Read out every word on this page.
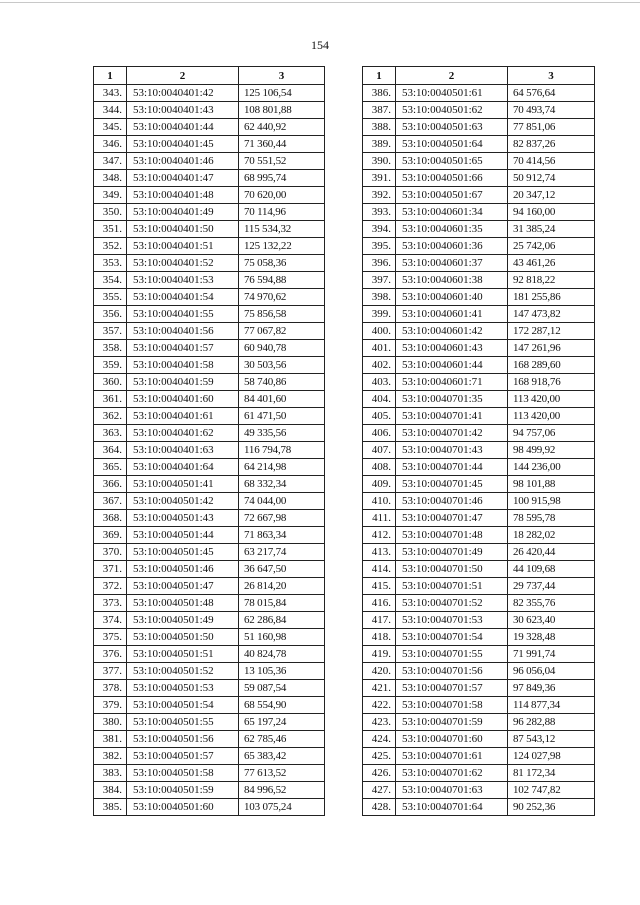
154
1	2	3
343.	53:10:0040401:42	125 106,54
344.	53:10:0040401:43	108 801,88
345.	53:10:0040401:44	62 440,92
346.	53:10:0040401:45	71 360,44
347.	53:10:0040401:46	70 551,52
348.	53:10:0040401:47	68 995,74
349.	53:10:0040401:48	70 620,00
350.	53:10:0040401:49	70 114,96
351.	53:10:0040401:50	115 534,32
352.	53:10:0040401:51	125 132,22
353.	53:10:0040401:52	75 058,36
354.	53:10:0040401:53	76 594,88
355.	53:10:0040401:54	74 970,62
356.	53:10:0040401:55	75 856,58
357.	53:10:0040401:56	77 067,82
358.	53:10:0040401:57	60 940,78
359.	53:10:0040401:58	30 503,56
360.	53:10:0040401:59	58 740,86
361.	53:10:0040401:60	84 401,60
362.	53:10:0040401:61	61 471,50
363.	53:10:0040401:62	49 335,56
364.	53:10:0040401:63	116 794,78
365.	53:10:0040401:64	64 214,98
366.	53:10:0040501:41	68 332,34
367.	53:10:0040501:42	74 044,00
368.	53:10:0040501:43	72 667,98
369.	53:10:0040501:44	71 863,34
370.	53:10:0040501:45	63 217,74
371.	53:10:0040501:46	36 647,50
372.	53:10:0040501:47	26 814,20
373.	53:10:0040501:48	78 015,84
374.	53:10:0040501:49	62 286,84
375.	53:10:0040501:50	51 160,98
376.	53:10:0040501:51	40 824,78
377.	53:10:0040501:52	13 105,36
378.	53:10:0040501:53	59 087,54
379.	53:10:0040501:54	68 554,90
380.	53:10:0040501:55	65 197,24
381.	53:10:0040501:56	62 785,46
382.	53:10:0040501:57	65 383,42
383.	53:10:0040501:58	77 613,52
384.	53:10:0040501:59	84 996,52
385.	53:10:0040501:60	103 075,24
1	2	3
386.	53:10:0040501:61	64 576,64
387.	53:10:0040501:62	70 493,74
388.	53:10:0040501:63	77 851,06
389.	53:10:0040501:64	82 837,26
390.	53:10:0040501:65	70 414,56
391.	53:10:0040501:66	50 912,74
392.	53:10:0040501:67	20 347,12
393.	53:10:0040601:34	94 160,00
394.	53:10:0040601:35	31 385,24
395.	53:10:0040601:36	25 742,06
396.	53:10:0040601:37	43 461,26
397.	53:10:0040601:38	92 818,22
398.	53:10:0040601:40	181 255,86
399.	53:10:0040601:41	147 473,82
400.	53:10:0040601:42	172 287,12
401.	53:10:0040601:43	147 261,96
402.	53:10:0040601:44	168 289,60
403.	53:10:0040601:71	168 918,76
404.	53:10:0040701:35	113 420,00
405.	53:10:0040701:41	113 420,00
406.	53:10:0040701:42	94 757,06
407.	53:10:0040701:43	98 499,92
408.	53:10:0040701:44	144 236,00
409.	53:10:0040701:45	98 101,88
410.	53:10:0040701:46	100 915,98
411.	53:10:0040701:47	78 595,78
412.	53:10:0040701:48	18 282,02
413.	53:10:0040701:49	26 420,44
414.	53:10:0040701:50	44 109,68
415.	53:10:0040701:51	29 737,44
416.	53:10:0040701:52	82 355,76
417.	53:10:0040701:53	30 623,40
418.	53:10:0040701:54	19 328,48
419.	53:10:0040701:55	71 991,74
420.	53:10:0040701:56	96 056,04
421.	53:10:0040701:57	97 849,36
422.	53:10:0040701:58	114 877,34
423.	53:10:0040701:59	96 282,88
424.	53:10:0040701:60	87 543,12
425.	53:10:0040701:61	124 027,98
426.	53:10:0040701:62	81 172,34
427.	53:10:0040701:63	102 747,82
428.	53:10:0040701:64	90 252,36
